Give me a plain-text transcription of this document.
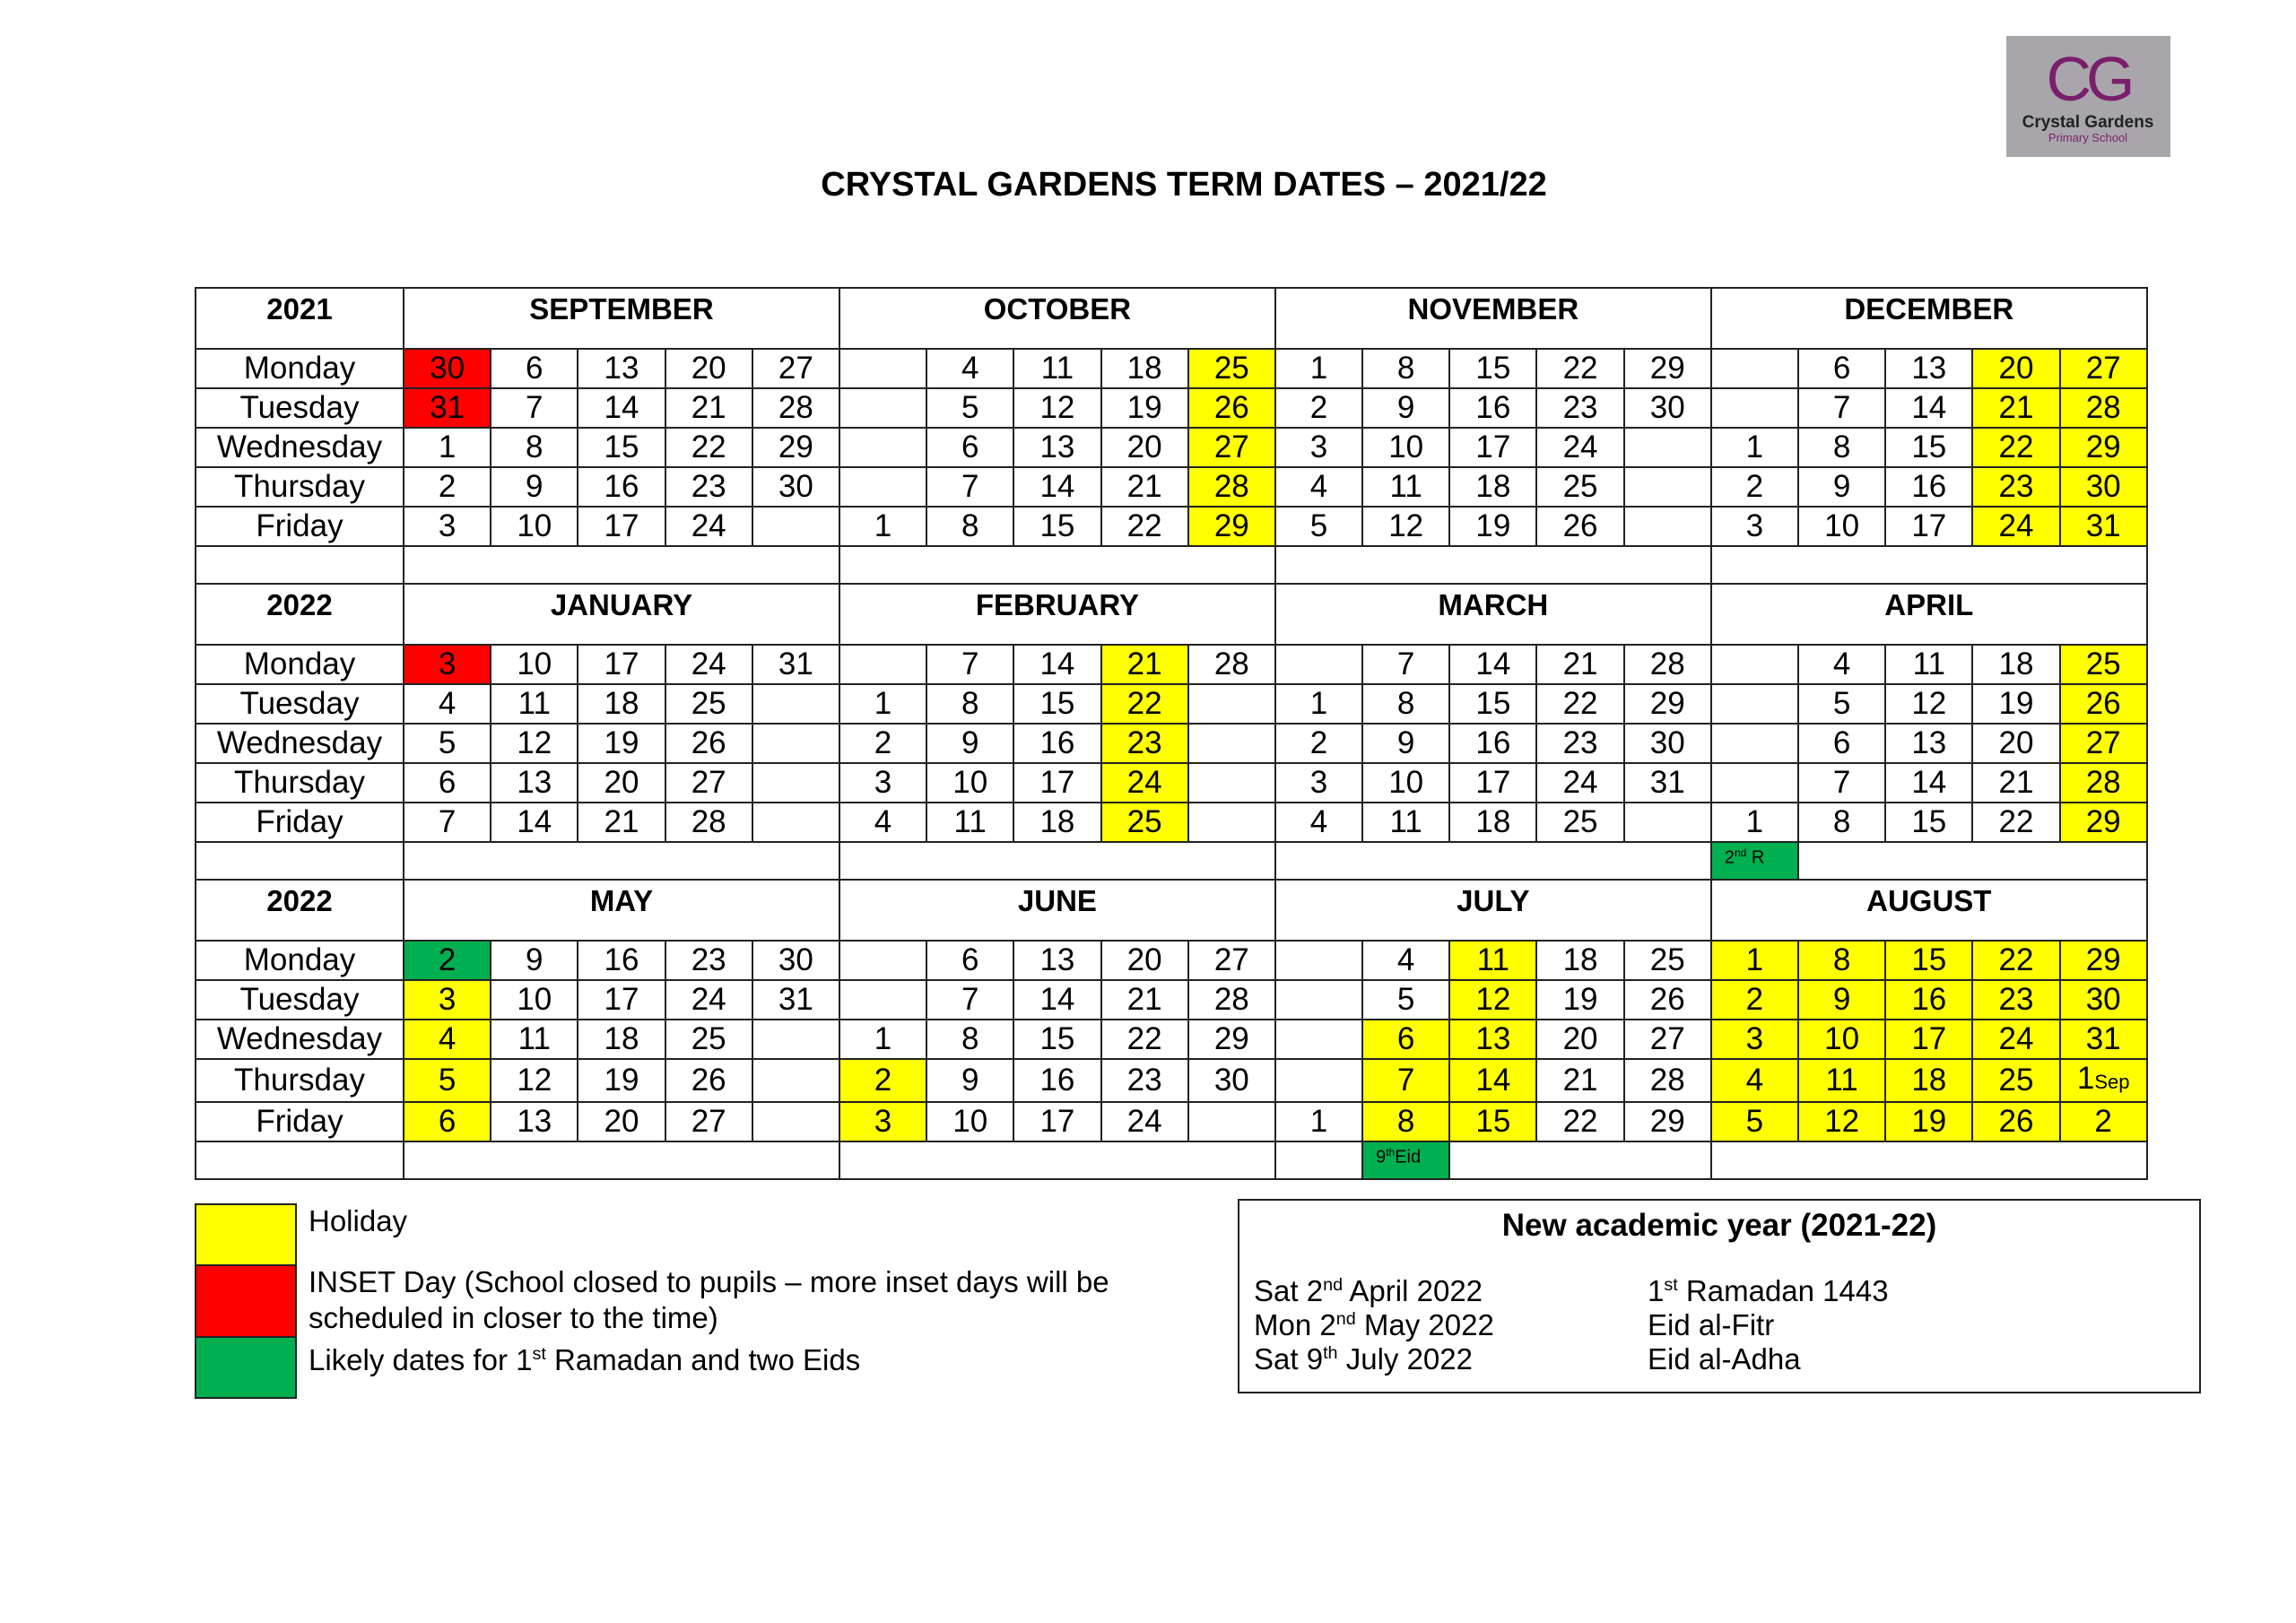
CG
Crystal Gardens
Primary School
CRYSTAL GARDENS TERM DATES – 2021/22
2021	SEPTEMBER					OCTOBER					NOVEMBER					DECEMBER				
Monday	30	6	13	20	27		4	11	18	25	1	8	15	22	29		6	13	20	27
Tuesday	31	7	14	21	28		5	12	19	26	2	9	16	23	30		7	14	21	28
Wednesday	1	8	15	22	29		6	13	20	27	3	10	17	24		1	8	15	22	29
Thursday	2	9	16	23	30		7	14	21	28	4	11	18	25		2	9	16	23	30
Friday	3	10	17	24		1	8	15	22	29	5	12	19	26		3	10	17	24	31

2022	JANUARY					FEBRUARY					MARCH					APRIL				
Monday	3	10	17	24	31		7	14	21	28		7	14	21	28		4	11	18	25
Tuesday	4	11	18	25		1	8	15	22		1	8	15	22	29		5	12	19	26
Wednesday	5	12	19	26		2	9	16	23		2	9	16	23	30		6	13	20	27
Thursday	6	13	20	27		3	10	17	24		3	10	17	24	31		7	14	21	28
Friday	7	14	21	28		4	11	18	25		4	11	18	25		1	8	15	22	29
																2nd R				
2022	MAY					JUNE					JULY					AUGUST				
Monday	2	9	16	23	30		6	13	20	27		4	11	18	25	1	8	15	22	29
Tuesday	3	10	17	24	31		7	14	21	28		5	12	19	26	2	9	16	23	30
Wednesday	4	11	18	25		1	8	15	22	29		6	13	20	27	3	10	17	24	31
Thursday	5	12	19	26		2	9	16	23	30		7	14	21	28	4	11	18	25	1Sep
Friday	6	13	20	27		3	10	17	24		1	8	15	22	29	5	12	19	26	2
												9thEid								
Holiday
INSET Day (School closed to pupils – more inset days will be scheduled in closer to the time)
Likely dates for 1st Ramadan and two Eids
New academic year (2021-22)
Sat 2nd April 2022	1st Ramadan 1443
Mon 2nd May 2022	Eid al-Fitr
Sat 9th July 2022	Eid al-Adha
